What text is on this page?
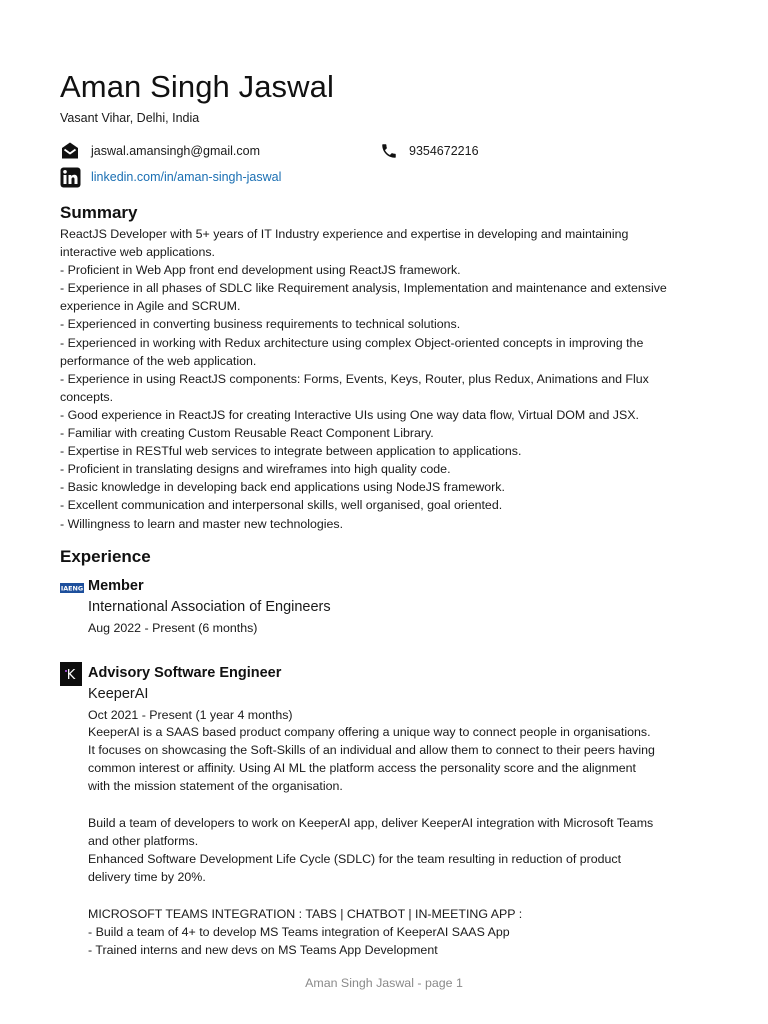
Aman Singh Jaswal
Vasant Vihar, Delhi, India
jaswal.amansingh@gmail.com	9354672216
linkedin.com/in/aman-singh-jaswal
Summary
ReactJS Developer with 5+ years of IT Industry experience and expertise in developing and maintaining
interactive web applications.
- Proficient in Web App front end development using ReactJS framework.
- Experience in all phases of SDLC like Requirement analysis, Implementation and maintenance and extensive
experience in Agile and SCRUM.
- Experienced in converting business requirements to technical solutions.
- Experienced in working with Redux architecture using complex Object-oriented concepts in improving the
performance of the web application.
- Experience in using ReactJS components: Forms, Events, Keys, Router, plus Redux, Animations and Flux
concepts.
- Good experience in ReactJS for creating Interactive UIs using One way data flow, Virtual DOM and JSX.
- Familiar with creating Custom Reusable React Component Library.
- Expertise in RESTful web services to integrate between application to applications.
- Proficient in translating designs and wireframes into high quality code.
- Basic knowledge in developing back end applications using NodeJS framework.
- Excellent communication and interpersonal skills, well organised, goal oriented.
- Willingness to learn and master new technologies.
Experience
IAENG Member
International Association of Engineers
Aug 2022 - Present (6 months)
K Advisory Software Engineer
KeeperAI
Oct 2021 - Present (1 year 4 months)
KeeperAI is a SAAS based product company offering a unique way to connect people in organisations.
It focuses on showcasing the Soft-Skills of an individual and allow them to connect to their peers having
common interest or affinity. Using AI ML the platform access the personality score and the alignment
with the mission statement of the organisation.
Build a team of developers to work on KeeperAI app, deliver KeeperAI integration with Microsoft Teams
and other platforms.
Enhanced Software Development Life Cycle (SDLC) for the team resulting in reduction of product
delivery time by 20%.
MICROSOFT TEAMS INTEGRATION : TABS | CHATBOT | IN-MEETING APP :
- Build a team of 4+ to develop MS Teams integration of KeeperAI SAAS App
- Trained interns and new devs on MS Teams App Development
Aman Singh Jaswal - page 1
